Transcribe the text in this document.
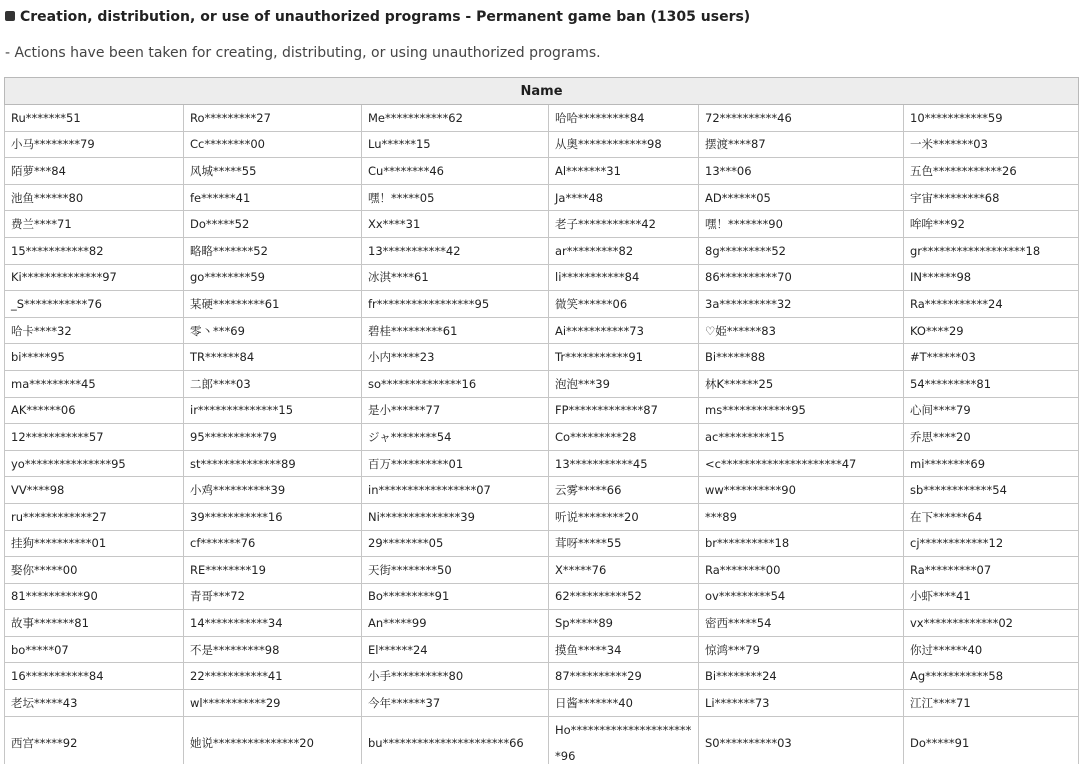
Creation, distribution, or use of unauthorized programs - Permanent game ban (1305 users)
- Actions have been taken for creating, distributing, or using unauthorized programs.
Name					
Ru*******51	Ro*********27	Me***********62	哈哈*********84	72**********46	10***********59
小马********79	Cc********00	Lu******15	从奥************98	摆渡****87	一米*******03
陌萝***84	风城*****55	Cu********46	Al*******31	13***06	五色************26
池鱼******80	fe******41	嘿！*****05	Ja****48	AD******05	宇宙*********68
费兰****71	Do*****52	Xx****31	老子***********42	嘿！*******90	哞哞***92
15***********82	略略*******52	13***********42	ar*********82	8g*********52	gr******************18
Ki**************97	go********59	冰淇****61	li***********84	86**********70	IN******98
_S***********76	某硬*********61	fr*****************95	微笑******06	3a**********32	Ra***********24
哈卡****32	零丶***69	碧桂*********61	Ai***********73	♡姫******83	KO****29
bi*****95	TR******84	小内*****23	Tr***********91	Bi******88	#T******03
ma*********45	二郎****03	so**************16	泡泡***39	林K******25	54*********81
AK******06	ir**************15	是小******77	FP*************87	ms************95	心间****79
12***********57	95**********79	ジャ********54	Co*********28	ac*********15	乔思****20
yo***************95	st**************89	百万**********01	13***********45	<c*********************47	mi********69
VV****98	小鸡**********39	in*****************07	云雾*****66	ww**********90	sb************54
ru************27	39***********16	Ni**************39	听说********20	***89	在下******64
挂狗**********01	cf*******76	29********05	茸呀*****55	br**********18	cj************12
娶你*****00	RE********19	天街********50	X*****76	Ra********00	Ra*********07
81**********90	青哥***72	Bo*********91	62**********52	ov*********54	小虾****41
故事*******81	14***********34	An*****99	Sp*****89	密西*****54	vx*************02
bo*****07	不是*********98	El******24	摸鱼*****34	惊鸿***79	你过******40
16***********84	22***********41	小手**********80	87**********29	Bi********24	Ag***********58
老坛*****43	wl***********29	今年******37	日酱*******40	Li*******73	江江****71
西宫*****92	她说***************20	bu**********************66	Ho**********************96	S0**********03	Do*****91
